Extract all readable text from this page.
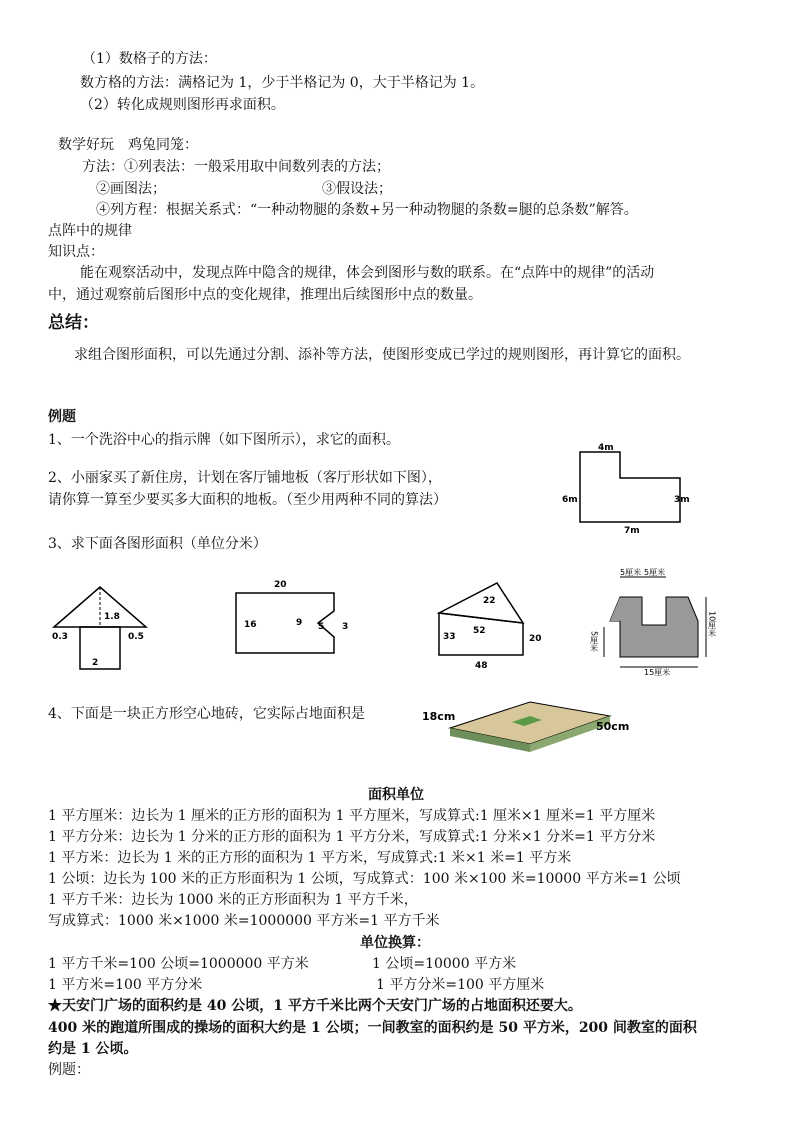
（1）数格子的方法：
数方格的方法：满格记为 1，少于半格记为 0，大于半格记为 1。
（2）转化成规则图形再求面积。
数学好玩　鸡兔同笼：
方法：①列表法：一般采用取中间数列表的方法；
②画图法；	③假设法；
④列方程：根据关系式：“一种动物腿的条数+另一种动物腿的条数=腿的总条数”解答。
点阵中的规律
知识点：
能在观察活动中，发现点阵中隐含的规律，体会到图形与数的联系。在“点阵中的规律”的活动
中，通过观察前后图形中点的变化规律，推理出后续图形中点的数量。
总结：
求组合图形面积，可以先通过分割、添补等方法，使图形变成已学过的规则图形，再计算它的面积。
例题
1、一个洗浴中心的指示牌（如下图所示），求它的面积。
2、小丽家买了新住房，计划在客厅铺地板（客厅形状如下图），
请你算一算至少要买多大面积的地板。（至少用两种不同的算法）
3、求下面各图形面积（单位分米）
4、下面是一块正方形空心地砖，它实际占地面积是
4m
6m	3m
7m
1.8
0.3	0.5
2
20
16	9 5 3
22
52
33	20
48
5厘米 5厘米
10厘米
5厘米
15厘米
18cm
50cm
面积单位
1 平方厘米：边长为 1 厘米的正方形的面积为 1 平方厘米，写成算式:1 厘米×1 厘米=1 平方厘米
1 平方分米：边长为 1 分米的正方形的面积为 1 平方分米，写成算式:1 分米×1 分米=1 平方分米
1 平方米：边长为 1 米的正方形的面积为 1 平方米，写成算式:1 米×1 米=1 平方米
1 公顷：边长为 100 米的正方形面积为 1 公顷，写成算式：100 米×100 米=10000 平方米=1 公顷
1 平方千米：边长为 1000 米的正方形面积为 1 平方千米，
写成算式：1000 米×1000 米=1000000 平方米=1 平方千米
单位换算：
1 平方千米=100 公顷=1000000 平方米	1 公顷=10000 平方米
1 平方米=100 平方分米	1 平方分米=100 平方厘米
★天安门广场的面积约是 40 公顷，1 平方千米比两个天安门广场的占地面积还要大。
400 米的跑道所围成的操场的面积大约是 1 公顷；一间教室的面积约是 50 平方米，200 间教室的面积
约是 1 公顷。
例题：
